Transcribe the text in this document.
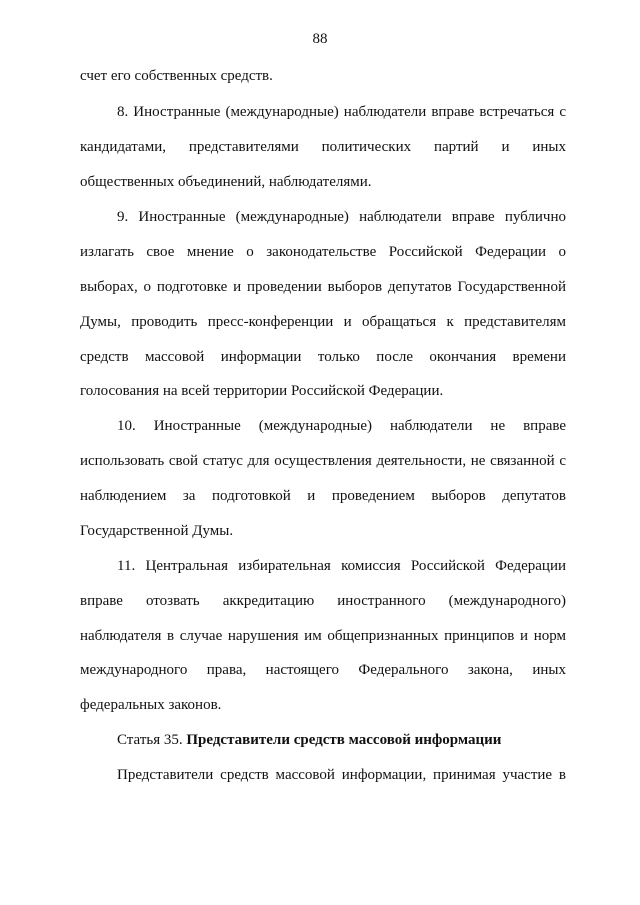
88
счет его собственных средств.
8. Иностранные (международные) наблюдатели вправе встречаться с
кандидатами, представителями политических партий и иных
общественных объединений, наблюдателями.
9. Иностранные (международные) наблюдатели вправе публично
излагать свое мнение о законодательстве Российской Федерации о
выборах, о подготовке и проведении выборов депутатов Государственной
Думы, проводить пресс-конференции и обращаться к представителям
средств массовой информации только после окончания времени
голосования на всей территории Российской Федерации.
10. Иностранные (международные) наблюдатели не вправе
использовать свой статус для осуществления деятельности, не связанной с
наблюдением за подготовкой и проведением выборов депутатов
Государственной Думы.
11. Центральная избирательная комиссия Российской Федерации
вправе отозвать аккредитацию иностранного (международного)
наблюдателя в случае нарушения им общепризнанных принципов и норм
международного права, настоящего Федерального закона, иных
федеральных законов.
Статья 35. Представители средств массовой информации
Представители средств массовой информации, принимая участие в
